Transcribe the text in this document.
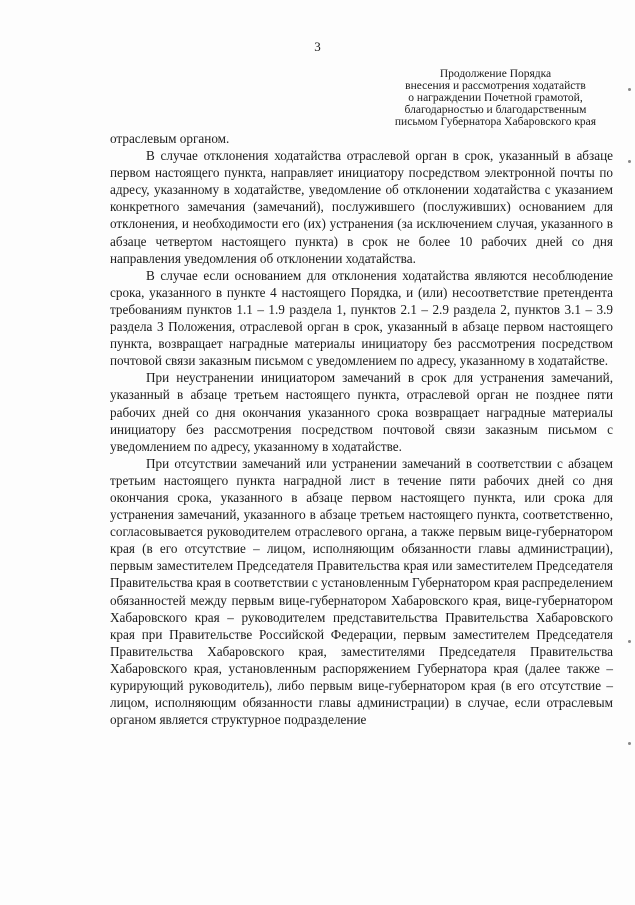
3
Продолжение Порядка
внесения и рассмотрения ходатайств
о награждении Почетной грамотой,
благодарностью и благодарственным
письмом Губернатора Хабаровского края

отраслевым органом.

В случае отклонения ходатайства отраслевой орган в срок, указанный в абзаце первом настоящего пункта, направляет инициатору посредством электронной почты по адресу, указанному в ходатайстве, уведомление об отклонении ходатайства с указанием конкретного замечания (замечаний), послужившего (послуживших) основанием для отклонения, и необходимости его (их) устранения (за исключением случая, указанного в абзаце четвертом настоящего пункта) в срок не более 10 рабочих дней со дня направления уведомления об отклонении ходатайства.

В случае если основанием для отклонения ходатайства являются несоблюдение срока, указанного в пункте 4 настоящего Порядка, и (или) несоответствие претендента требованиям пунктов 1.1 – 1.9 раздела 1, пунктов 2.1 – 2.9 раздела 2, пунктов 3.1 – 3.9 раздела 3 Положения, отраслевой орган в срок, указанный в абзаце первом настоящего пункта, возвращает наградные материалы инициатору без рассмотрения посредством почтовой связи заказным письмом с уведомлением по адресу, указанному в ходатайстве.

При неустранении инициатором замечаний в срок для устранения замечаний, указанный в абзаце третьем настоящего пункта, отраслевой орган не позднее пяти рабочих дней со дня окончания указанного срока возвращает наградные материалы инициатору без рассмотрения посредством почтовой связи заказным письмом с уведомлением по адресу, указанному в ходатайстве.

При отсутствии замечаний или устранении замечаний в соответствии с абзацем третьим настоящего пункта наградной лист в течение пяти рабочих дней со дня окончания срока, указанного в абзаце первом настоящего пункта, или срока для устранения замечаний, указанного в абзаце третьем настоящего пункта, соответственно, согласовывается руководителем отраслевого органа, а также первым вице-губернатором края (в его отсутствие – лицом, исполняющим обязанности главы администрации), первым заместителем Председателя Правительства края или заместителем Председателя Правительства края в соответствии с установленным Губернатором края распределением обязанностей между первым вице-губернатором Хабаровского края, вице-губернатором Хабаровского края – руководителем представительства Правительства Хабаровского края при Правительстве Российской Федерации, первым заместителем Председателя Правительства Хабаровского края, заместителями Председателя Правительства Хабаровского края, установленным распоряжением Губернатора края (далее также – курирующий руководитель), либо первым вице-губернатором края (в его отсутствие – лицом, исполняющим обязанности главы администрации) в случае, если отраслевым органом является структурное подразделение
